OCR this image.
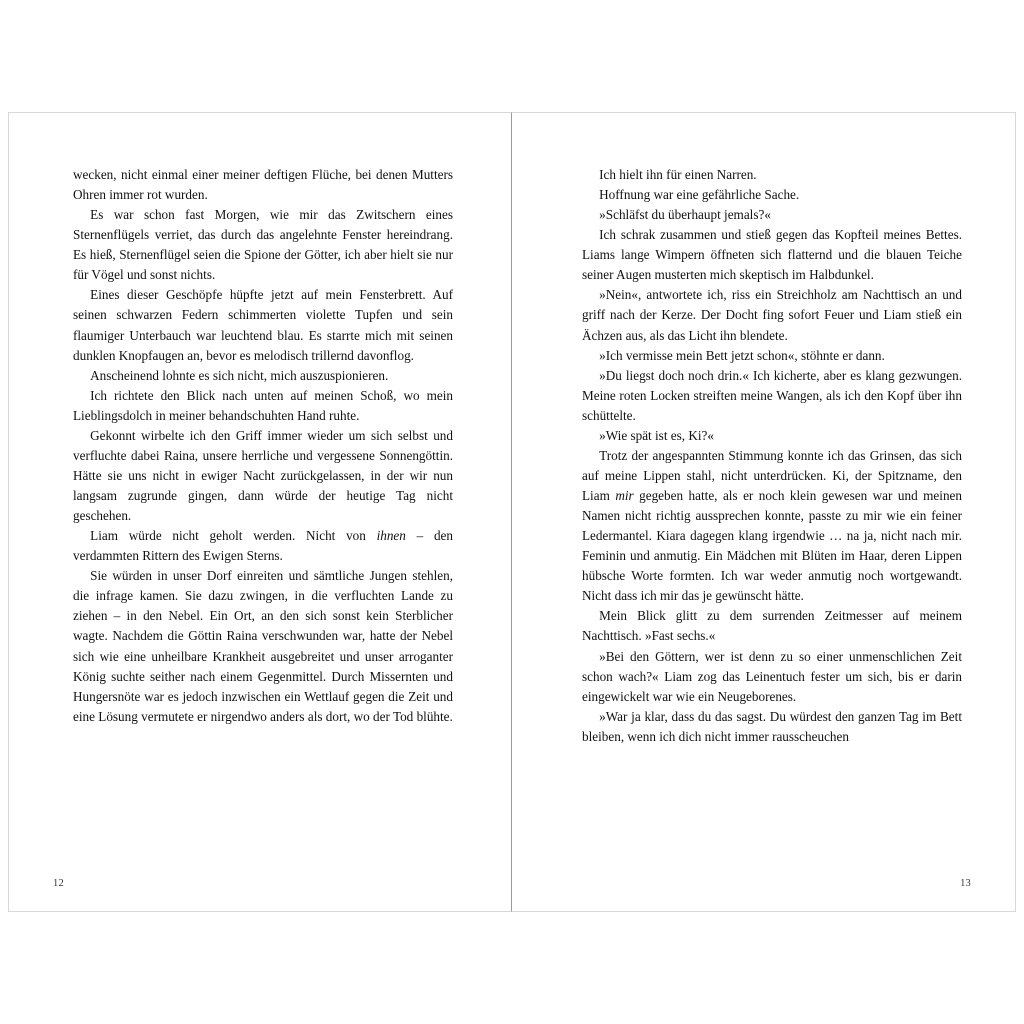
wecken, nicht einmal einer meiner deftigen Flüche, bei denen Mutters Ohren immer rot wurden.

Es war schon fast Morgen, wie mir das Zwitschern eines Sternenflügels verriet, das durch das angelehnte Fenster hereindrang. Es hieß, Sternenflügel seien die Spione der Götter, ich aber hielt sie nur für Vögel und sonst nichts.

Eines dieser Geschöpfe hüpfte jetzt auf mein Fensterbrett. Auf seinen schwarzen Federn schimmerten violette Tupfen und sein flaumiger Unterbauch war leuchtend blau. Es starrte mich mit seinen dunklen Knopfaugen an, bevor es melodisch trillernd davonflog.

Anscheinend lohnte es sich nicht, mich auszuspionieren.

Ich richtete den Blick nach unten auf meinen Schoß, wo mein Lieblingsdolch in meiner behandschuhten Hand ruhte.

Gekonnt wirbelte ich den Griff immer wieder um sich selbst und verfluchte dabei Raina, unsere herrliche und vergessene Sonnengöttin. Hätte sie uns nicht in ewiger Nacht zurückgelassen, in der wir nun langsam zugrunde gingen, dann würde der heutige Tag nicht geschehen.

Liam würde nicht geholt werden. Nicht von ihnen – den verdammten Rittern des Ewigen Sterns.

Sie würden in unser Dorf einreiten und sämtliche Jungen stehlen, die infrage kamen. Sie dazu zwingen, in die verfluchten Lande zu ziehen – in den Nebel. Ein Ort, an den sich sonst kein Sterblicher wagte. Nachdem die Göttin Raina verschwunden war, hatte der Nebel sich wie eine unheilbare Krankheit ausgebreitet und unser arroganter König suchte seither nach einem Gegenmittel. Durch Missernten und Hungersnöte war es jedoch inzwischen ein Wettlauf gegen die Zeit und eine Lösung vermutete er nirgendwo anders als dort, wo der Tod blühte.

12

Ich hielt ihn für einen Narren.

Hoffnung war eine gefährliche Sache.

»Schläfst du überhaupt jemals?«

Ich schrak zusammen und stieß gegen das Kopfteil meines Bettes. Liams lange Wimpern öffneten sich flatternd und die blauen Teiche seiner Augen musterten mich skeptisch im Halbdunkel.

»Nein«, antwortete ich, riss ein Streichholz am Nachttisch an und griff nach der Kerze. Der Docht fing sofort Feuer und Liam stieß ein Ächzen aus, als das Licht ihn blendete.

»Ich vermisse mein Bett jetzt schon«, stöhnte er dann.

»Du liegst doch noch drin.« Ich kicherte, aber es klang gezwungen. Meine roten Locken streiften meine Wangen, als ich den Kopf über ihn schüttelte.

»Wie spät ist es, Ki?«

Trotz der angespannten Stimmung konnte ich das Grinsen, das sich auf meine Lippen stahl, nicht unterdrücken. Ki, der Spitzname, den Liam mir gegeben hatte, als er noch klein gewesen war und meinen Namen nicht richtig aussprechen konnte, passte zu mir wie ein feiner Ledermantel. Kiara dagegen klang irgendwie … na ja, nicht nach mir. Feminin und anmutig. Ein Mädchen mit Blüten im Haar, deren Lippen hübsche Worte formten. Ich war weder anmutig noch wortgewandt. Nicht dass ich mir das je gewünscht hätte.

Mein Blick glitt zu dem surrenden Zeitmesser auf meinem Nachttisch. »Fast sechs.«

»Bei den Göttern, wer ist denn zu so einer unmenschlichen Zeit schon wach?« Liam zog das Leinentuch fester um sich, bis er darin eingewickelt war wie ein Neugeborenes.

»War ja klar, dass du das sagst. Du würdest den ganzen Tag im Bett bleiben, wenn ich dich nicht immer rausscheuchen

13
